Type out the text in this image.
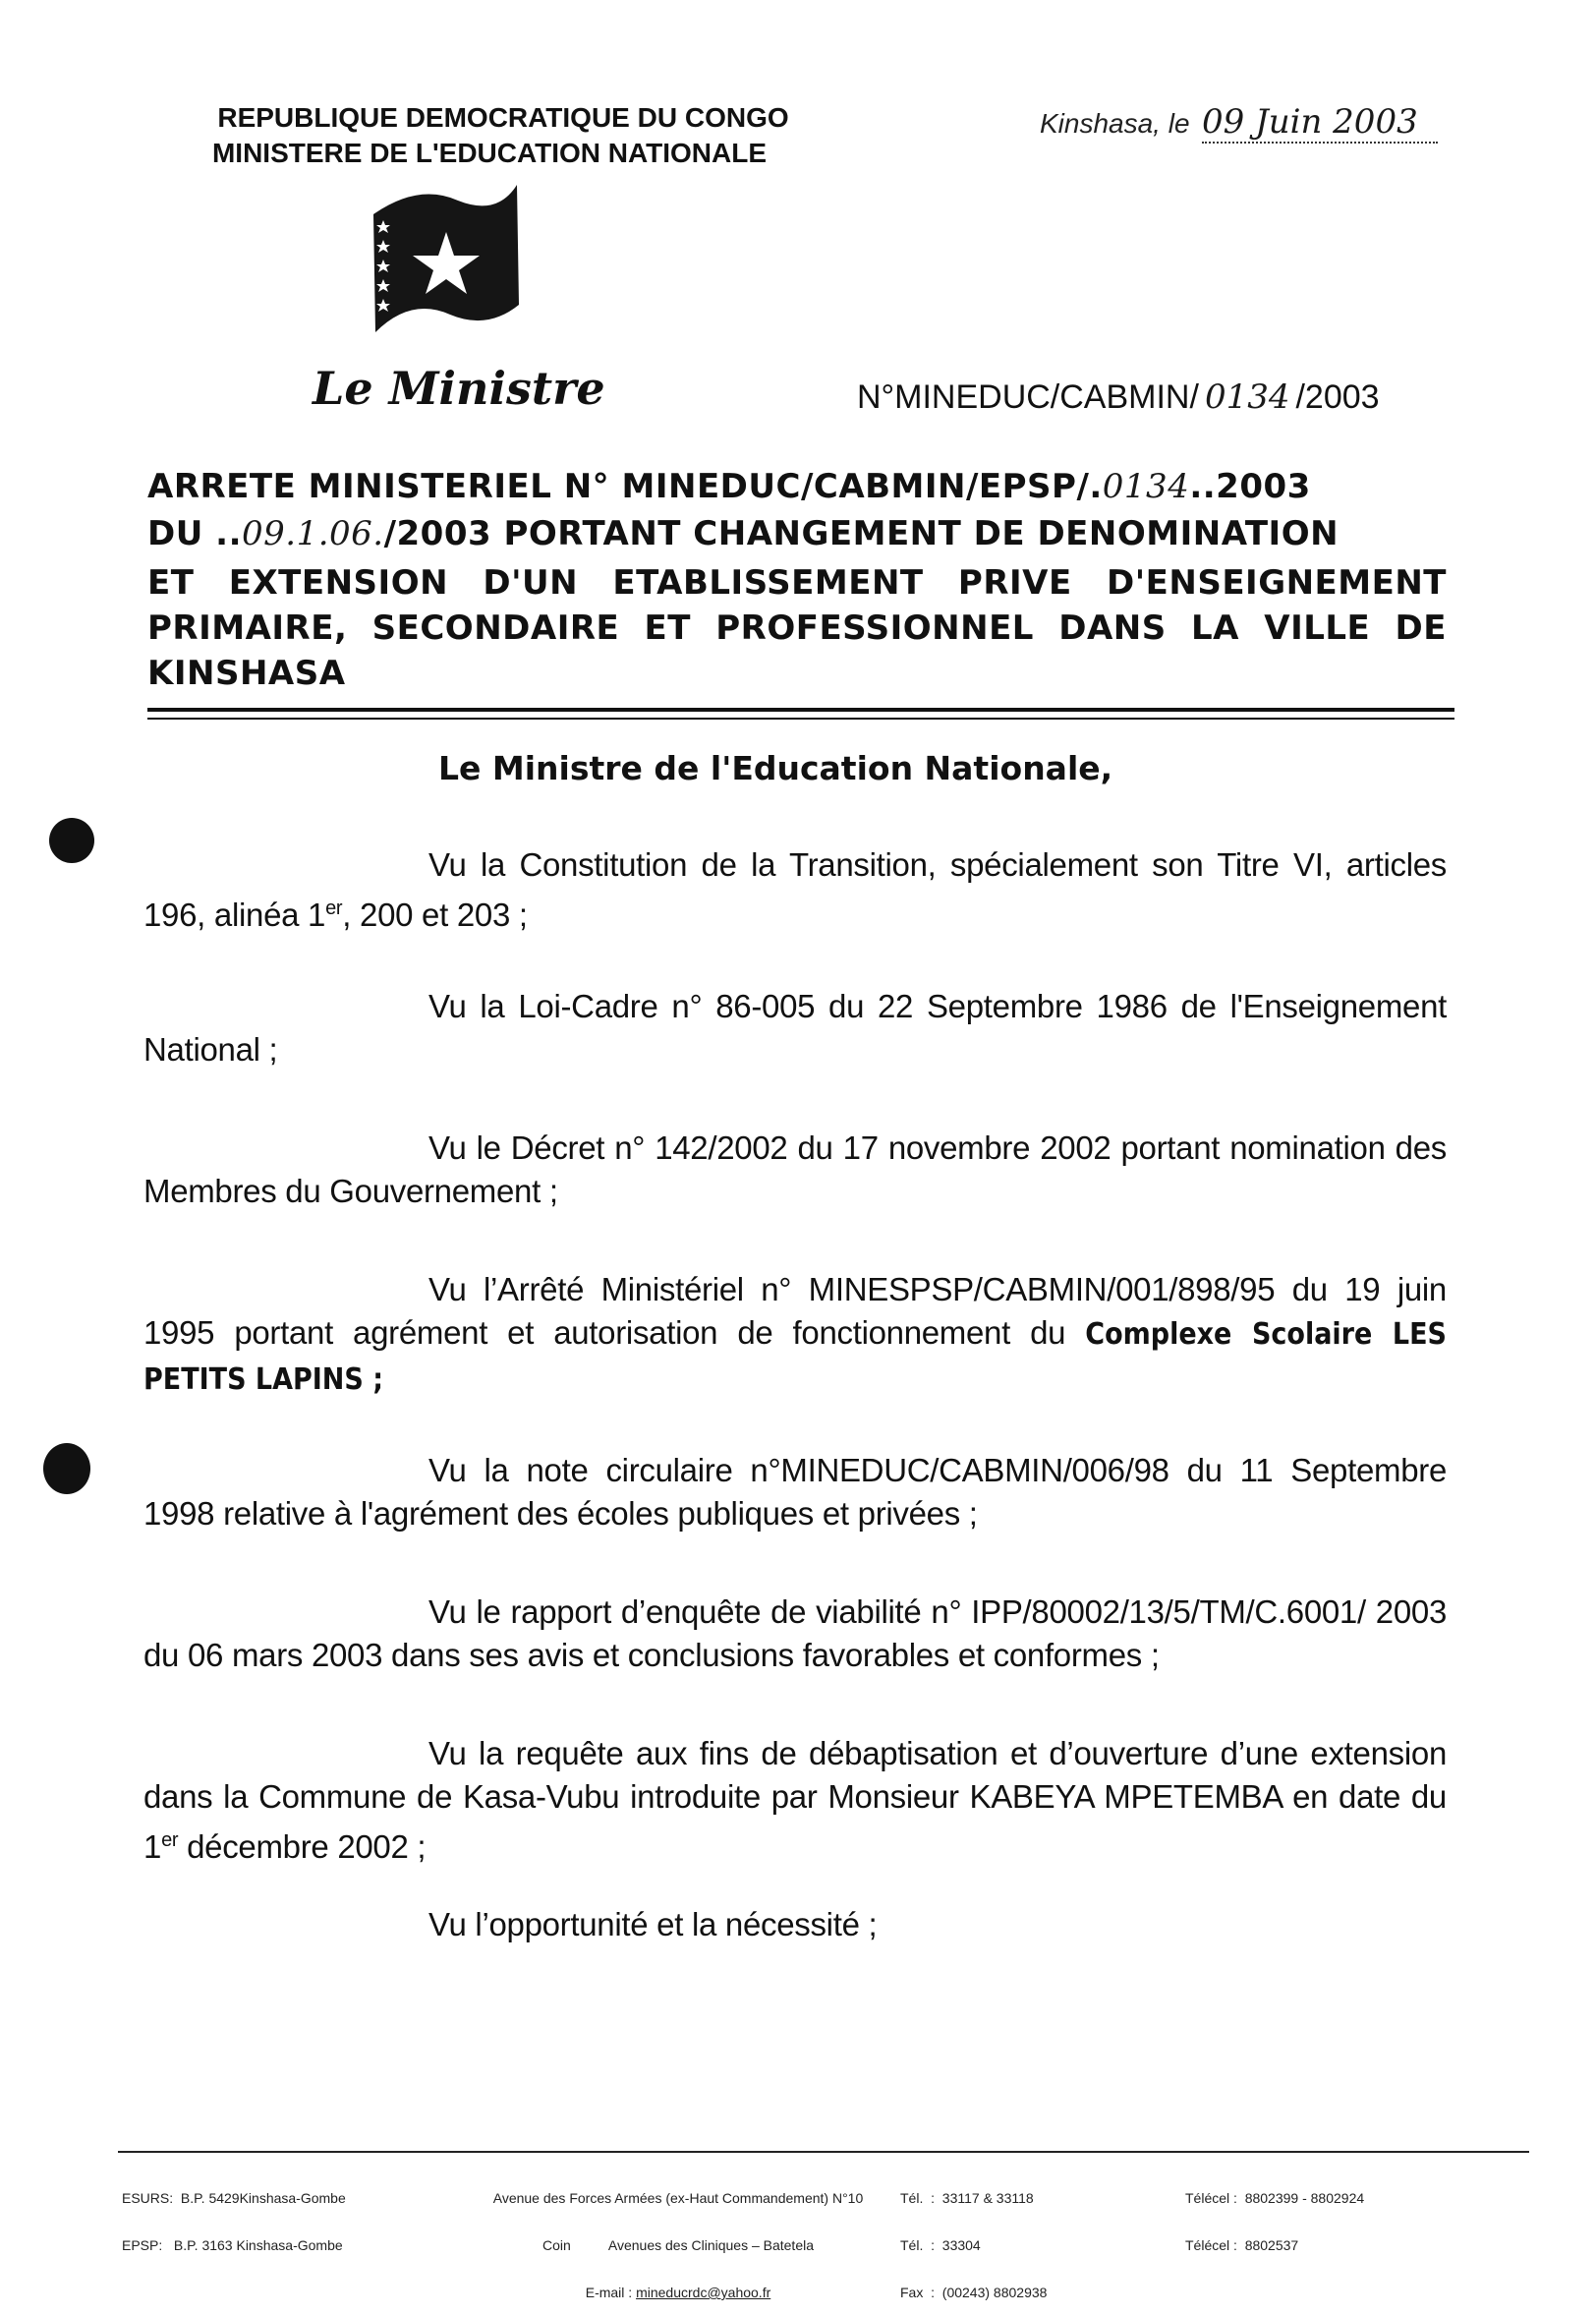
REPUBLIQUE DEMOCRATIQUE DU CONGO
MINISTERE DE L'EDUCATION NATIONALE
Kinshasa, le 09 Juin 2003
Le Ministre	N°MINEDUC/CABMIN/ 0134 /2003
ARRETE MINISTERIEL N° MINEDUC/CABMIN/EPSP/.0134..2003
DU ..09.1.06./2003 PORTANT CHANGEMENT DE DENOMINATION
ET EXTENSION D'UN ETABLISSEMENT PRIVE D'ENSEIGNEMENT PRIMAIRE, SECONDAIRE ET PROFESSIONNEL DANS LA VILLE DE KINSHASA
Le Ministre de l'Education Nationale,
Vu la Constitution de la Transition, spécialement son Titre VI, articles 196, alinéa 1er, 200 et 203 ;
Vu la Loi-Cadre n° 86-005 du 22 Septembre 1986 de l'Enseignement National ;
Vu le Décret n° 142/2002 du 17 novembre 2002 portant nomination des Membres du Gouvernement ;
Vu l’Arrêté Ministériel n° MINESPSP/CABMIN/001/898/95 du 19 juin 1995 portant agrément et autorisation de fonctionnement du Complexe Scolaire LES PETITS LAPINS ;
Vu la note circulaire n°MINEDUC/CABMIN/006/98 du 11 Septembre 1998 relative à l'agrément des écoles publiques et privées ;
Vu le rapport d’enquête de viabilité n° IPP/80002/13/5/TM/C.6001/ 2003 du 06 mars 2003 dans ses avis et conclusions favorables et conformes ;
Vu la requête aux fins de débaptisation et d’ouverture d’une extension dans la Commune de Kasa-Vubu introduite par Monsieur KABEYA MPETEMBA en date du 1er décembre 2002 ;
Vu l’opportunité et la nécessité ;

ESURS:  B.P. 5429Kinshasa-Gombe

EPSP:   B.P. 3163 Kinshasa-Gombe

Avenue des Forces Armées (ex-Haut Commandement) N°10

Coin          Avenues des Cliniques – Batetela

E-mail : mineducrdc@yahoo.fr

Tél.  :  33117 & 33118

Tél.  :  33304

Fax  :  (00243) 8802938

Télécel :  8802399 - 8802924

Télécel :  8802537
